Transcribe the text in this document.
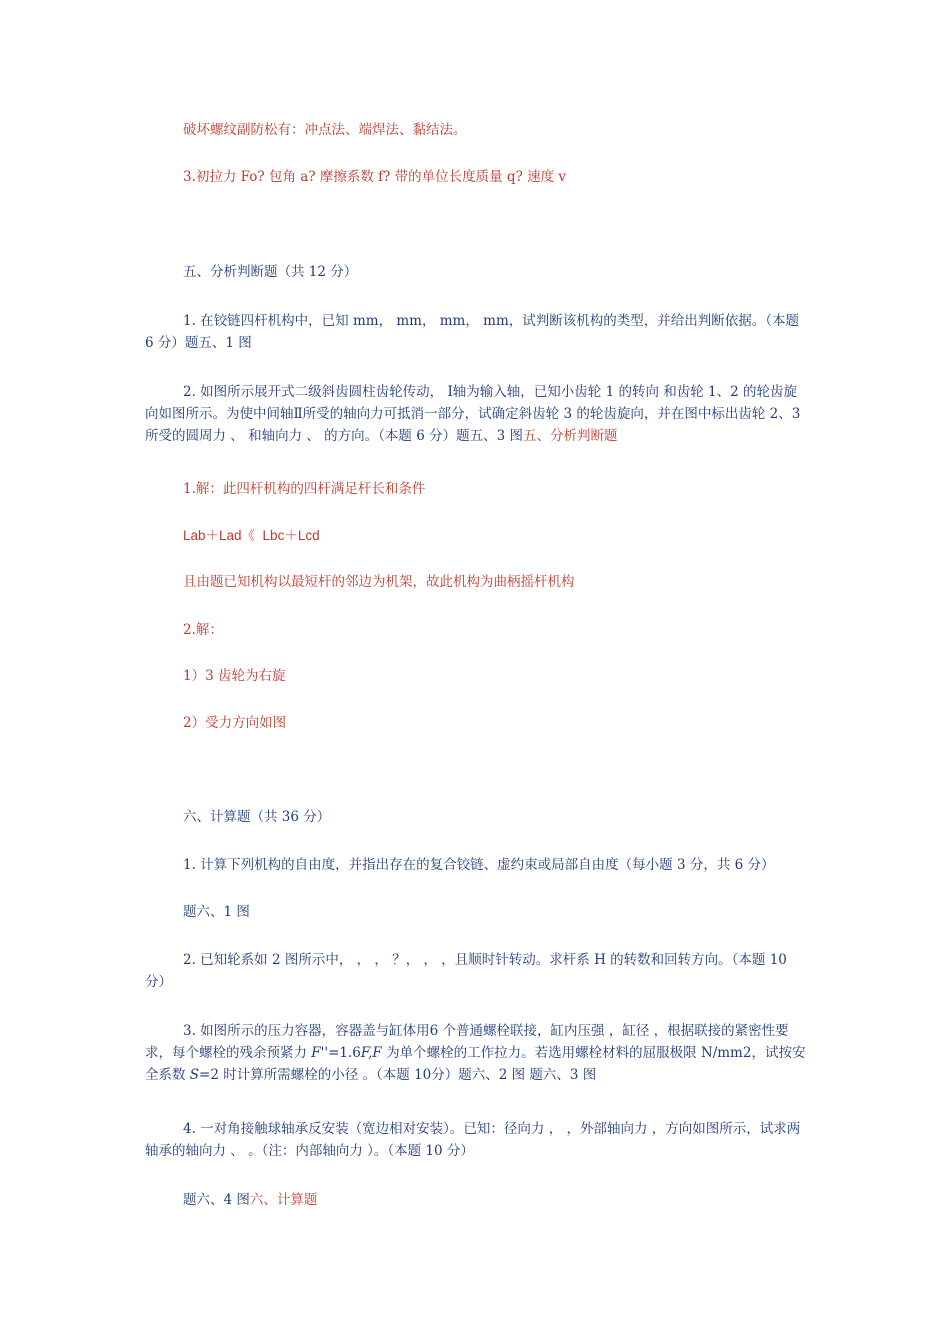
破坏螺纹副防松有：冲点法、端焊法、黏结法。

3.初拉力 Fo? 包角 a? 摩擦系数 f? 带的单位长度质量 q? 速度 v

五、分析判断题（共 12 分）

1. 在铰链四杆机构中，已知 mm， mm， mm， mm，试判断该机构的类型，并给出判断依据。（本题 6 分）题五、1 图

2. 如图所示展开式二级斜齿圆柱齿轮传动， Ⅰ轴为输入轴，已知小齿轮 1 的转向 和齿轮 1、2 的轮齿旋向如图所示。为使中间轴Ⅱ所受的轴向力可抵消一部分，试确定斜齿轮 3 的轮齿旋向，并在图中标出齿轮 2、3 所受的圆周力 、 和轴向力 、 的方向。（本题 6 分）题五、3 图五、分析判断题

1.解：此四杆机构的四杆满足杆长和条件

Lab＋Lad《  Lbc＋Lcd

且由题已知机构以最短杆的邻边为机架，故此机构为曲柄摇杆机构

2.解：

1）3 齿轮为右旋

2）受力方向如图

六、计算题（共 36 分）

1. 计算下列机构的自由度，并指出存在的复合铰链、虚约束或局部自由度（每小题 3 分，共 6 分）

题六、1 图

2. 已知轮系如 2 图所示中， ， ， ？， ， ，且顺时针转动。求杆系 H 的转数和回转方向。（本题 10 分）

3. 如图所示的压力容器，容器盖与缸体用6 个普通螺栓联接，缸内压强 ，缸径 ，根据联接的紧密性要求，每个螺栓的残余预紧力 F''=1.6F,F 为单个螺栓的工作拉力。若选用螺栓材料的屈服极限 N/mm2，试按安全系数 S=2 时计算所需螺栓的小径 。（本题 10分）题六、2 图 题六、3 图

4. 一对角接触球轴承反安装（宽边相对安装）。已知：径向力 ， ，外部轴向力 ，方向如图所示，试求两轴承的轴向力 、 。（注：内部轴向力 ）。（本题 10 分）

题六、4 图六、计算题
